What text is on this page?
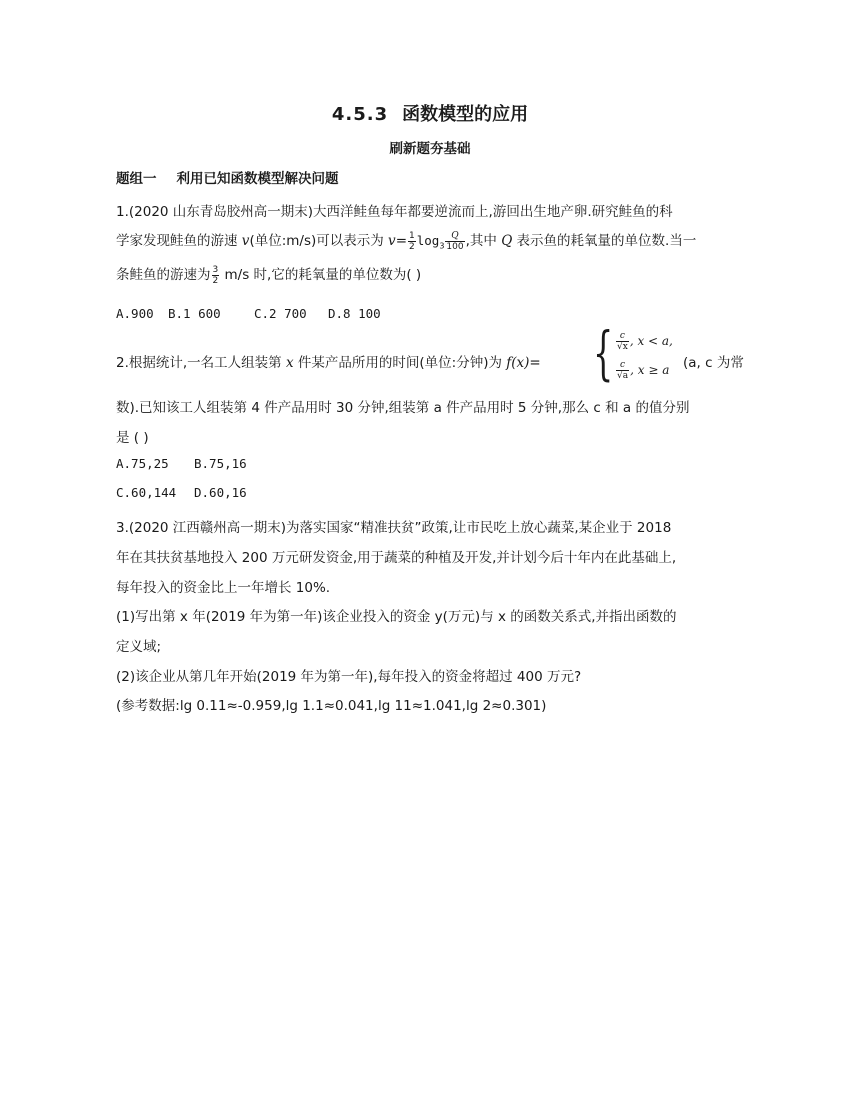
4.5.3 函数模型的应用
刷新题夯基础
题组一 利用已知函数模型解决问题
1.(2020 山东青岛胶州高一期末)大西洋鲑鱼每年都要逆流而上,游回出生地产卵.研究鲑鱼的科
学家发现鲑鱼的游速 v(单位:m/s)可以表示为 $v= \frac{1}{2} \log_3 \frac{Q}{100}$ ,其中 Q 表示鱼的耗氧量的单位数.当一
条鲑鱼的游速为 $\frac{3}{2} m/s$ 时,它的耗氧量的单位数为( )
A.900 B.1 600	C.2 700 D.8 100
2.根据统计,一名工人组装第 x 件某产品所用的时间(单位:分钟)为 f(x)= { $\frac{c}{√x}$ , x < a,
$\frac{c}{√a}$ , x ≥ a (a, c 为常
数).已知该工人组装第 4 件产品用时 30 分钟,组装第 a 件产品用时 5 分钟,那么 c 和 a 的值分别
是 ( )
A.75,25 B.75,16
C.60,144 D.60,16
3.(2020 江西赣州高一期末)为落实国家“精准扶贫”政策,让市民吃上放心蔬菜,某企业于 2018
年在其扶贫基地投入 200 万元研发资金,用于蔬菜的种植及开发,并计划今后十年内在此基础上,
每年投入的资金比上一年增长 10%.
(1)写出第 x 年(2019 年为第一年)该企业投入的资金 y(万元)与 x 的函数关系式,并指出函数的
定义域;
(2)该企业从第几年开始(2019 年为第一年),每年投入的资金将超过 400 万元?
(参考数据:lg 0.11≈-0.959,lg 1.1≈0.041,lg 11≈1.041,lg 2≈0.301)
